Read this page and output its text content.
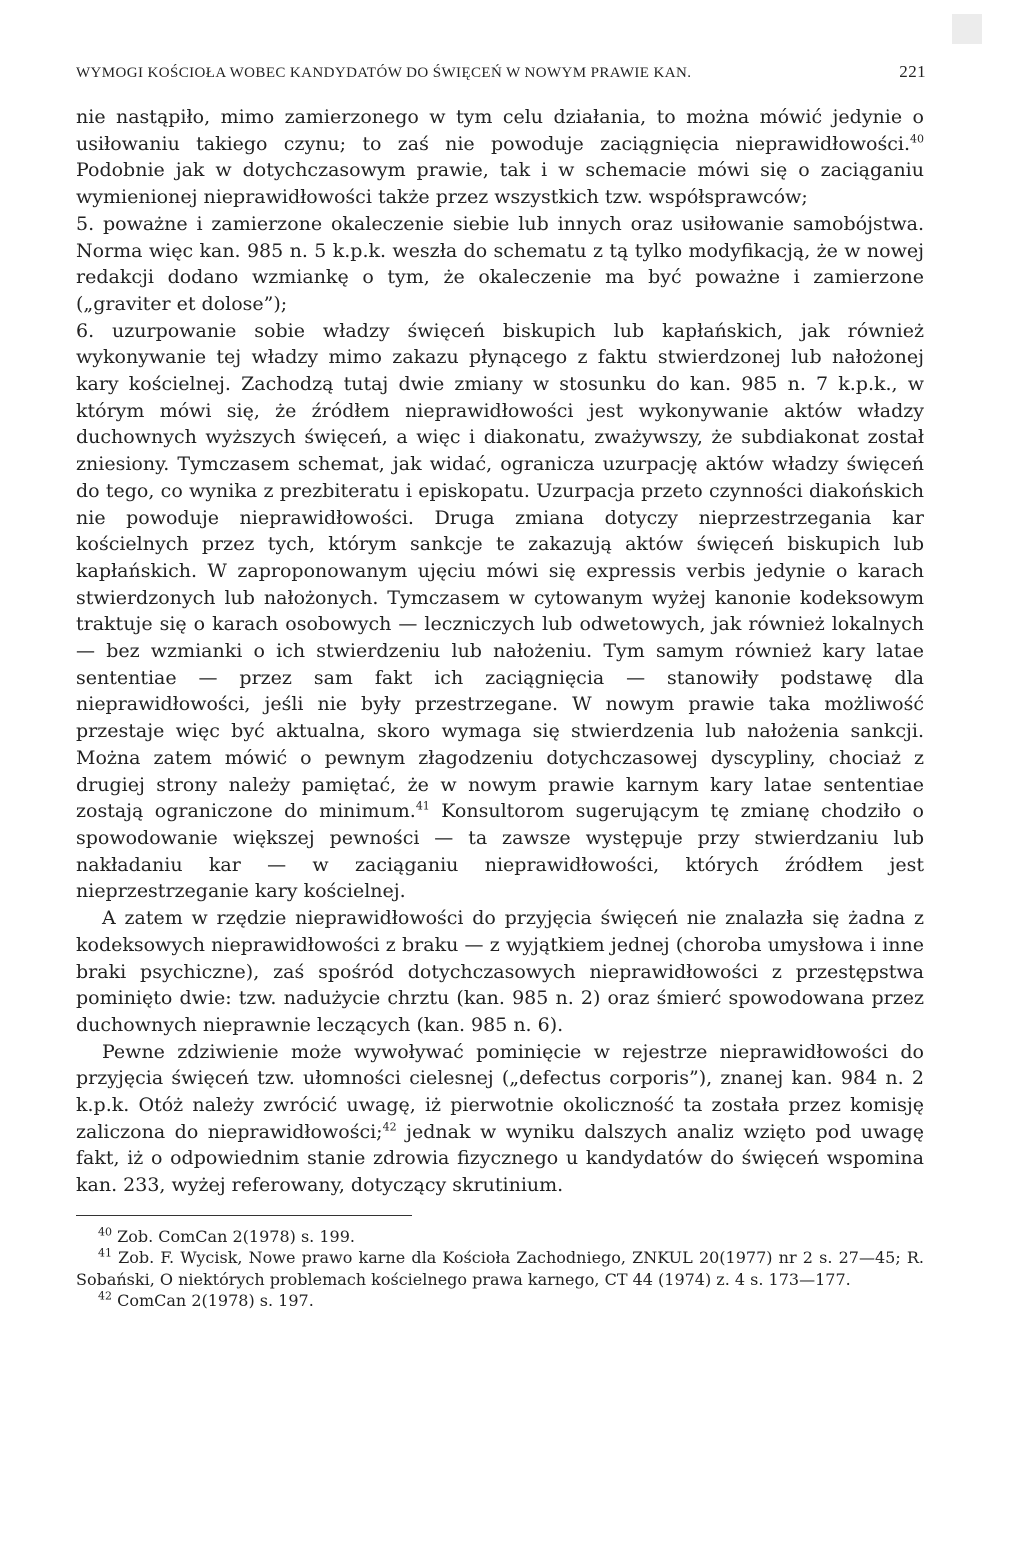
WYMOGI KOŚCIOŁA WOBEC KANDYDATÓW DO ŚWIĘCEŃ W NOWYM PRAWIE KAN.	221

nie nastąpiło, mimo zamierzonego w tym celu działania, to można mówić jedynie o usiłowaniu takiego czynu; to zaś nie powoduje zaciągnięcia nieprawidłowości.$^{40}$ Podobnie jak w dotychczasowym prawie, tak i w schemacie mówi się o zaciąganiu wymienionej nieprawidłowości także przez wszystkich tzw. współsprawców;

5. poważne i zamierzone okaleczenie siebie lub innych oraz usiłowanie samobójstwa. Norma więc kan. 985 n. 5 k.p.k. weszła do schematu z tą tylko modyfikacją, że w nowej redakcji dodano wzmiankę o tym, że okaleczenie ma być poważne i zamierzone („graviter et dolose”);

6. uzurpowanie sobie władzy święceń biskupich lub kapłańskich, jak również wykonywanie tej władzy mimo zakazu płynącego z faktu stwierdzonej lub nałożonej kary kościelnej. Zachodzą tutaj dwie zmiany w stosunku do kan. 985 n. 7 k.p.k., w którym mówi się, że źródłem nieprawidłowości jest wykonywanie aktów władzy duchownych wyższych święceń, a więc i diakonatu, zważywszy, że subdiakonat został zniesiony. Tymczasem schemat, jak widać, ogranicza uzurpację aktów władzy święceń do tego, co wynika z prezbiteratu i episkopatu. Uzurpacja przeto czynności diakońskich nie powoduje nieprawidłowości. Druga zmiana dotyczy nieprzestrzegania kar kościelnych przez tych, którym sankcje te zakazują aktów święceń biskupich lub kapłańskich. W zaproponowanym ujęciu mówi się expressis verbis jedynie o karach stwierdzonych lub nałożonych. Tymczasem w cytowanym wyżej kanonie kodeksowym traktuje się o karach osobowych — leczniczych lub odwetowych, jak również lokalnych — bez wzmianki o ich stwierdzeniu lub nałożeniu. Tym samym również kary latae sententiae — przez sam fakt ich zaciągnięcia — stanowiły podstawę dla nieprawidłowości, jeśli nie były przestrzegane. W nowym prawie taka możliwość przestaje więc być aktualna, skoro wymaga się stwierdzenia lub nałożenia sankcji. Można zatem mówić o pewnym złagodzeniu dotychczasowej dyscypliny, chociaż z drugiej strony należy pamiętać, że w nowym prawie karnym kary latae sententiae zostają ograniczone do minimum.$^{41}$ Konsultorom sugerującym tę zmianę chodziło o spowodowanie większej pewności — ta zawsze występuje przy stwierdzaniu lub nakładaniu kar — w zaciąganiu nieprawidłowości, których źródłem jest nieprzestrzeganie kary kościelnej.

A zatem w rzędzie nieprawidłowości do przyjęcia święceń nie znalazła się żadna z kodeksowych nieprawidłowości z braku — z wyjątkiem jednej (choroba umysłowa i inne braki psychiczne), zaś spośród dotychczasowych nieprawidłowości z przestępstwa pominięto dwie: tzw. nadużycie chrztu (kan. 985 n. 2) oraz śmierć spowodowana przez duchownych nieprawnie leczących (kan. 985 n. 6).

Pewne zdziwienie może wywoływać pominięcie w rejestrze nieprawidłowości do przyjęcia święceń tzw. ułomności cielesnej („defectus corporis”), znanej kan. 984 n. 2 k.p.k. Otóż należy zwrócić uwagę, iż pierwotnie okoliczność ta została przez komisję zaliczona do nieprawidłowości;$^{42}$ jednak w wyniku dalszych analiz wzięto pod uwagę fakt, iż o odpowiednim stanie zdrowia fizycznego u kandydatów do święceń wspomina kan. 233, wyżej referowany, dotyczący skrutinium.

$^{40}$ Zob. ComCan 2(1978) s. 199.

$^{41}$ Zob. F. Wycisk, Nowe prawo karne dla Kościoła Zachodniego, ZNKUL 20(1977) nr 2 s. 27—45; R. Sobański, O niektórych problemach kościelnego prawa karnego, CT 44 (1974) z. 4 s. 173—177.

$^{42}$ ComCan 2(1978) s. 197.
